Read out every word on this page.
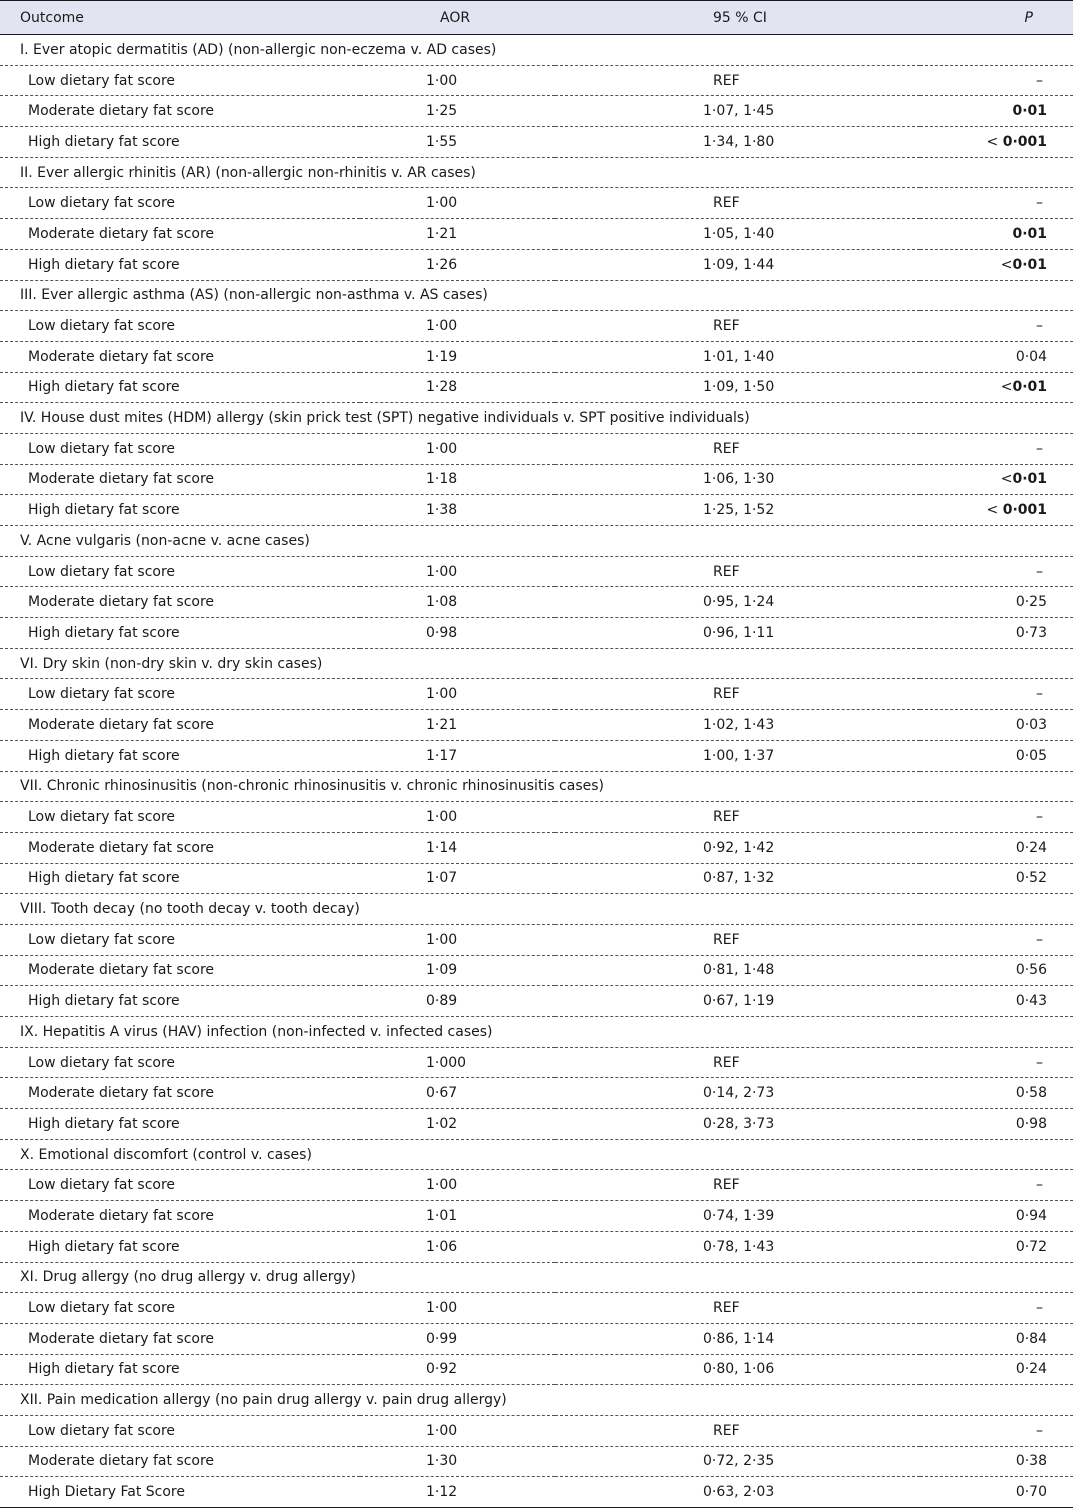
Outcome	AOR	95 % CI	P
I. Ever atopic dermatitis (AD) (non-allergic non-eczema v. AD cases)			
Low dietary fat score	1·00	REF	–
Moderate dietary fat score	1·25	1·07, 1·45	0·01
High dietary fat score	1·55	1·34, 1·80	< 0·001
II. Ever allergic rhinitis (AR) (non-allergic non-rhinitis v. AR cases)			
Low dietary fat score	1·00	REF	–
Moderate dietary fat score	1·21	1·05, 1·40	0·01
High dietary fat score	1·26	1·09, 1·44	<0·01
III. Ever allergic asthma (AS) (non-allergic non-asthma v. AS cases)			
Low dietary fat score	1·00	REF	–
Moderate dietary fat score	1·19	1·01, 1·40	0·04
High dietary fat score	1·28	1·09, 1·50	<0·01
IV. House dust mites (HDM) allergy (skin prick test (SPT) negative individuals v. SPT positive individuals)			
Low dietary fat score	1·00	REF	–
Moderate dietary fat score	1·18	1·06, 1·30	<0·01
High dietary fat score	1·38	1·25, 1·52	< 0·001
V. Acne vulgaris (non-acne v. acne cases)			
Low dietary fat score	1·00	REF	–
Moderate dietary fat score	1·08	0·95, 1·24	0·25
High dietary fat score	0·98	0·96, 1·11	0·73
VI. Dry skin (non-dry skin v. dry skin cases)			
Low dietary fat score	1·00	REF	–
Moderate dietary fat score	1·21	1·02, 1·43	0·03
High dietary fat score	1·17	1·00, 1·37	0·05
VII. Chronic rhinosinusitis (non-chronic rhinosinusitis v. chronic rhinosinusitis cases)			
Low dietary fat score	1·00	REF	–
Moderate dietary fat score	1·14	0·92, 1·42	0·24
High dietary fat score	1·07	0·87, 1·32	0·52
VIII. Tooth decay (no tooth decay v. tooth decay)			
Low dietary fat score	1·00	REF	–
Moderate dietary fat score	1·09	0·81, 1·48	0·56
High dietary fat score	0·89	0·67, 1·19	0·43
IX. Hepatitis A virus (HAV) infection (non-infected v. infected cases)			
Low dietary fat score	1·000	REF	–
Moderate dietary fat score	0·67	0·14, 2·73	0·58
High dietary fat score	1·02	0·28, 3·73	0·98
X. Emotional discomfort (control v. cases)			
Low dietary fat score	1·00	REF	–
Moderate dietary fat score	1·01	0·74, 1·39	0·94
High dietary fat score	1·06	0·78, 1·43	0·72
XI. Drug allergy (no drug allergy v. drug allergy)			
Low dietary fat score	1·00	REF	–
Moderate dietary fat score	0·99	0·86, 1·14	0·84
High dietary fat score	0·92	0·80, 1·06	0·24
XII. Pain medication allergy (no pain drug allergy v. pain drug allergy)			
Low dietary fat score	1·00	REF	–
Moderate dietary fat score	1·30	0·72, 2·35	0·38
High Dietary Fat Score	1·12	0·63, 2·03	0·70
